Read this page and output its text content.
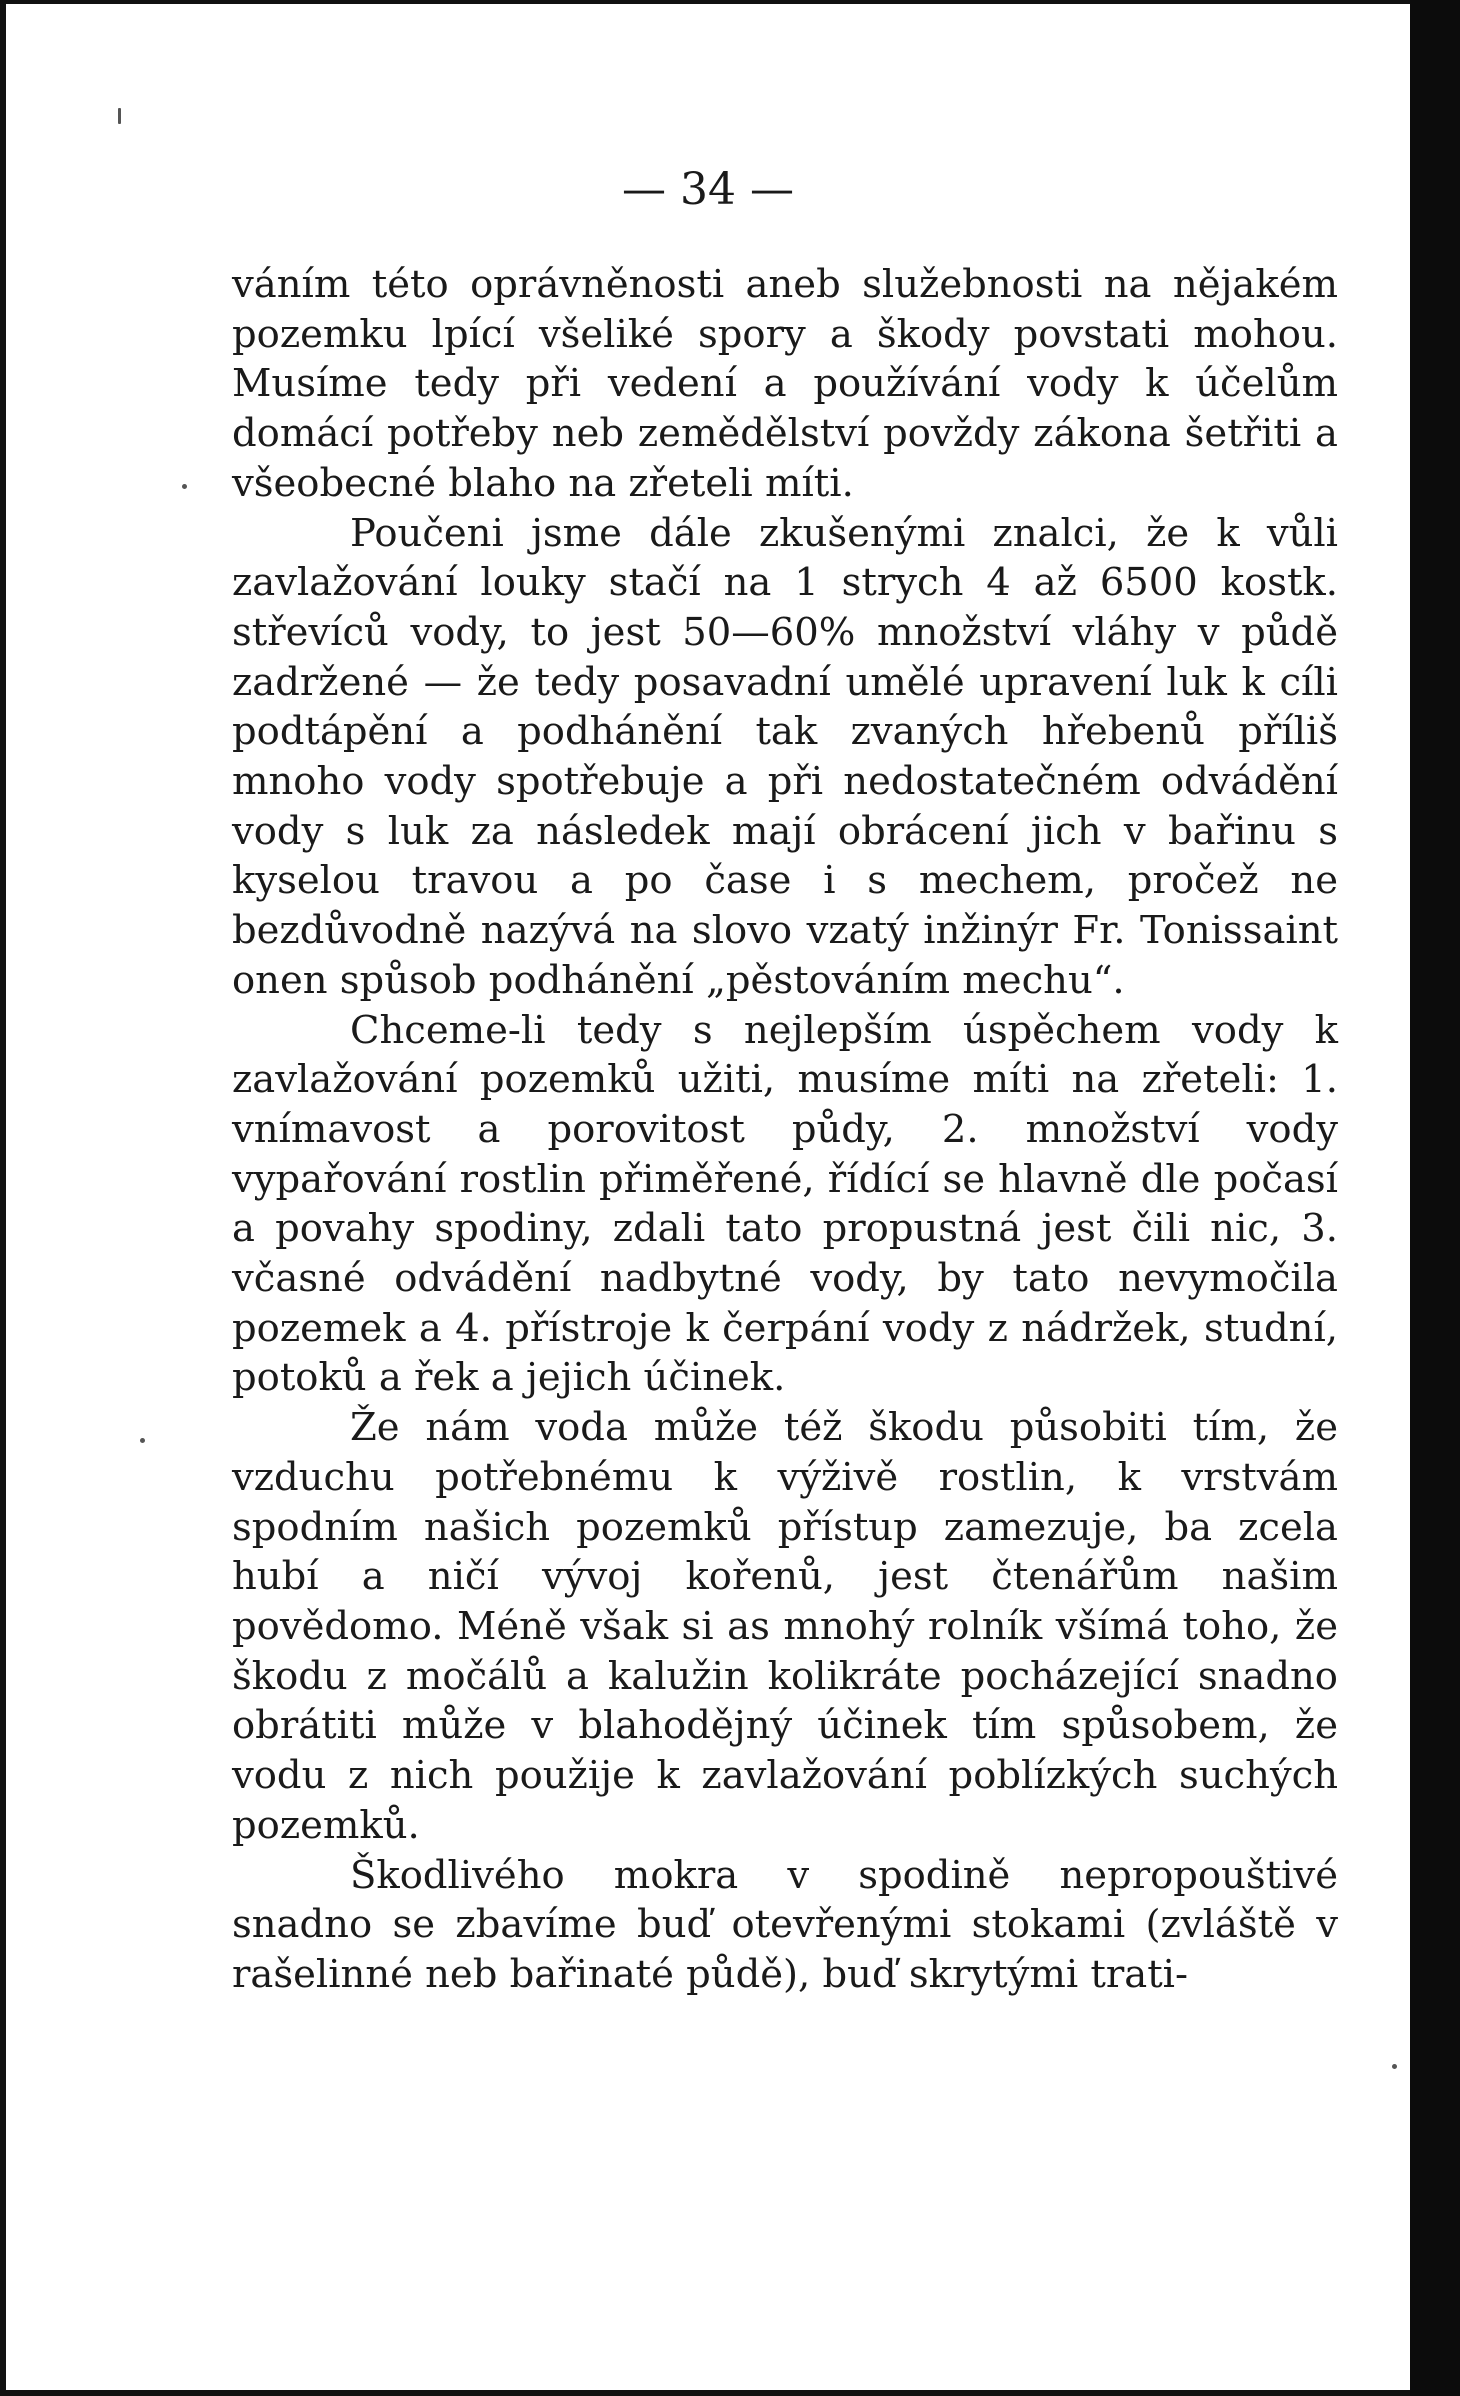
— 34 —

váním této oprávněnosti aneb služebnosti na nějakém pozemku lpící všeliké spory a škody povstati mohou. Musíme tedy při vedení a používání vody k účelům domácí potřeby neb zemědělství povždy zákona šetřiti a všeobecné blaho na zřeteli míti.

Poučeni jsme dále zkušenými znalci, že k vůli zavlažování louky stačí na 1 strych 4 až 6500 kostk. střevíců vody, to jest 50—60% množství vláhy v půdě zadržené — že tedy posavadní umělé upravení luk k cíli podtápění a podhánění tak zvaných hřebenů příliš mnoho vody spotřebuje a při nedostatečném odvádění vody s luk za následek mají obrácení jich v bařinu s kyselou travou a po čase i s mechem, pročež ne bezdůvodně nazývá na slovo vzatý inžinýr Fr. Tonissaint onen spůsob podhánění „pěstováním mechu“.

Chceme-li tedy s nejlepším úspěchem vody k zavlažování pozemků užiti, musíme míti na zřeteli: 1. vnímavost a porovitost půdy, 2. množství vody vypařování rostlin přiměřené, řídící se hlavně dle počasí a povahy spodiny, zdali tato propustná jest čili nic, 3. včasné odvádění nadbytné vody, by tato nevymočila pozemek a 4. přístroje k čerpání vody z nádržek, studní, potoků a řek a jejich účinek.

Že nám voda může též škodu působiti tím, že vzduchu potřebnému k výživě rostlin, k vrstvám spodním našich pozemků přístup zamezuje, ba zcela hubí a ničí vývoj kořenů, jest čtenářům našim povědomo. Méně však si as mnohý rolník všímá toho, že škodu z močálů a kalužin kolikráte pocházející snadno obrátiti může v blahodějný účinek tím spůsobem, že vodu z nich použije k zavlažování poblízkých suchých pozemků.

Škodlivého mokra v spodině nepropouštivé snadno se zbavíme buď otevřenými stokami (zvláště v rašelinné neb bařinaté půdě), buď skrytými trati-
